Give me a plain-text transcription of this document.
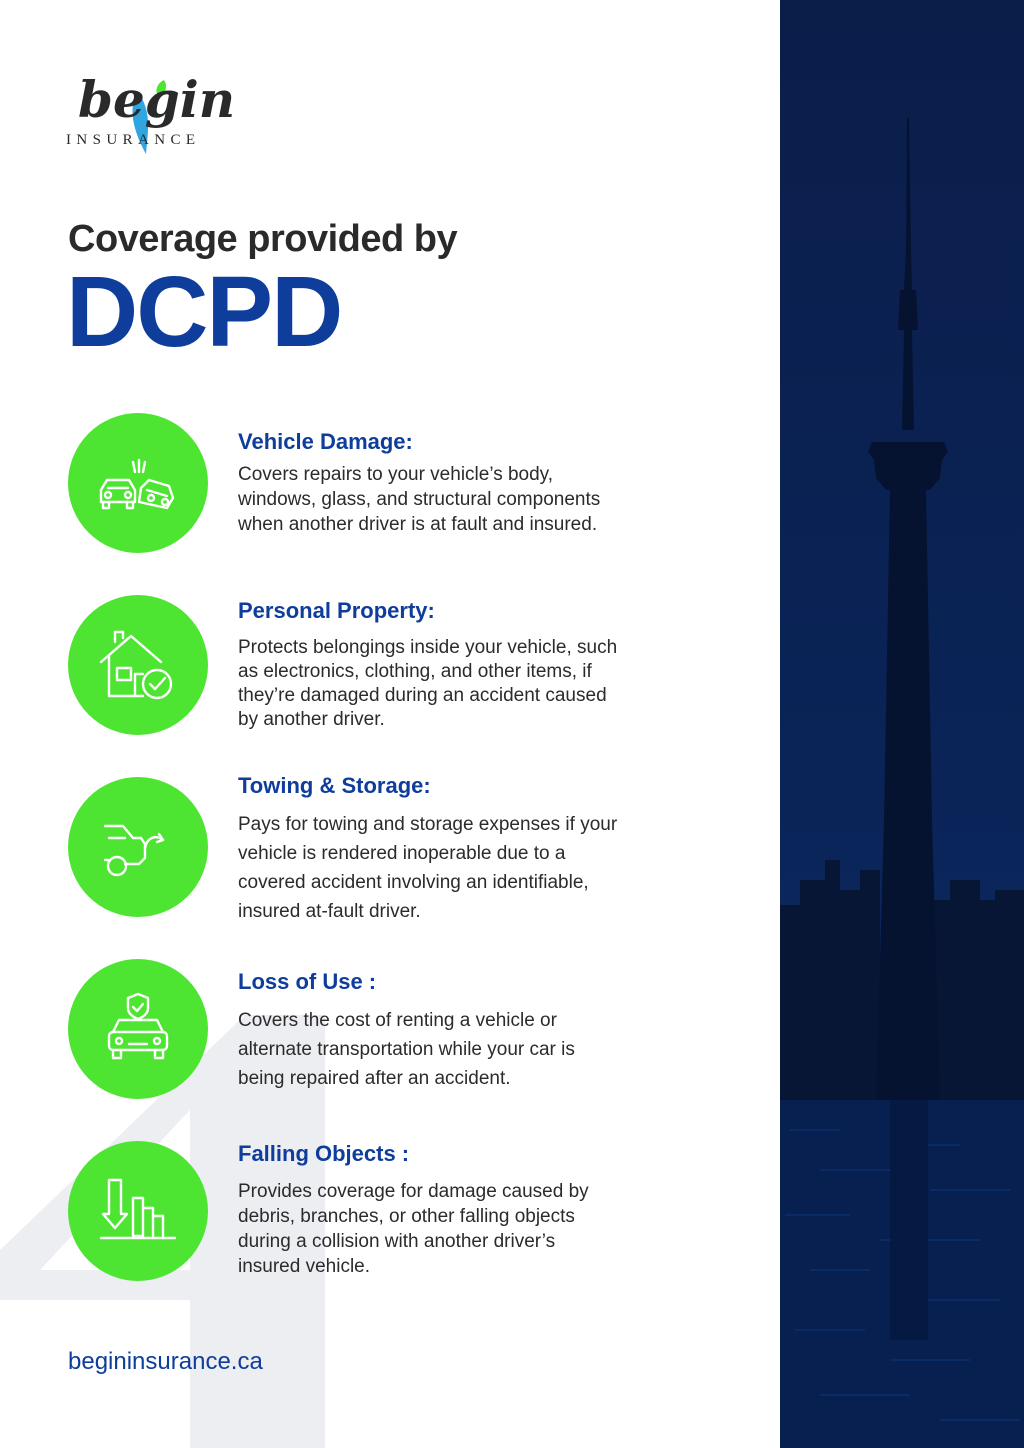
begin
INSURANCE
Coverage provided by
DCPD
Vehicle Damage:
Covers repairs to your vehicle’s body,
windows, glass, and structural components
when another driver is at fault and insured.
Personal Property:
Protects belongings inside your vehicle, such
as electronics, clothing, and other items, if
they’re damaged during an accident caused
by another driver.
Towing & Storage:
Pays for towing and storage expenses if your
vehicle is rendered inoperable due to a
covered accident involving an identifiable,
insured at-fault driver.
Loss of Use :
Covers the cost of renting a vehicle or
alternate transportation while your car is
being repaired after an accident.
Falling Objects :
Provides coverage for damage caused by
debris, branches, or other falling objects
during a collision with another driver’s
insured vehicle.
begininsurance.ca
